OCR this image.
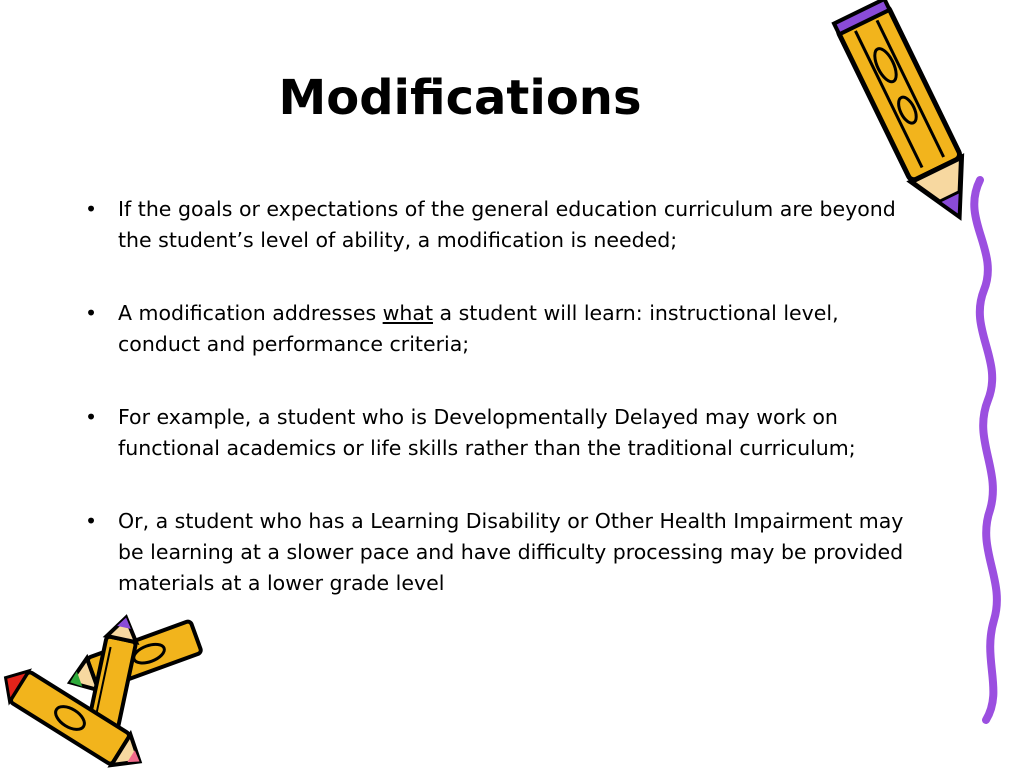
Modifications
• If the goals or expectations of the general education curriculum are beyond the student’s level of ability, a modification is needed;
• A modification addresses what a student will learn: instructional level, conduct and performance criteria;
• For example, a student who is Developmentally Delayed may work on functional academics or life skills rather than the traditional curriculum;
• Or, a student who has a Learning Disability or Other Health Impairment may be learning at a slower pace and have difficulty processing may be provided materials at a lower grade level
